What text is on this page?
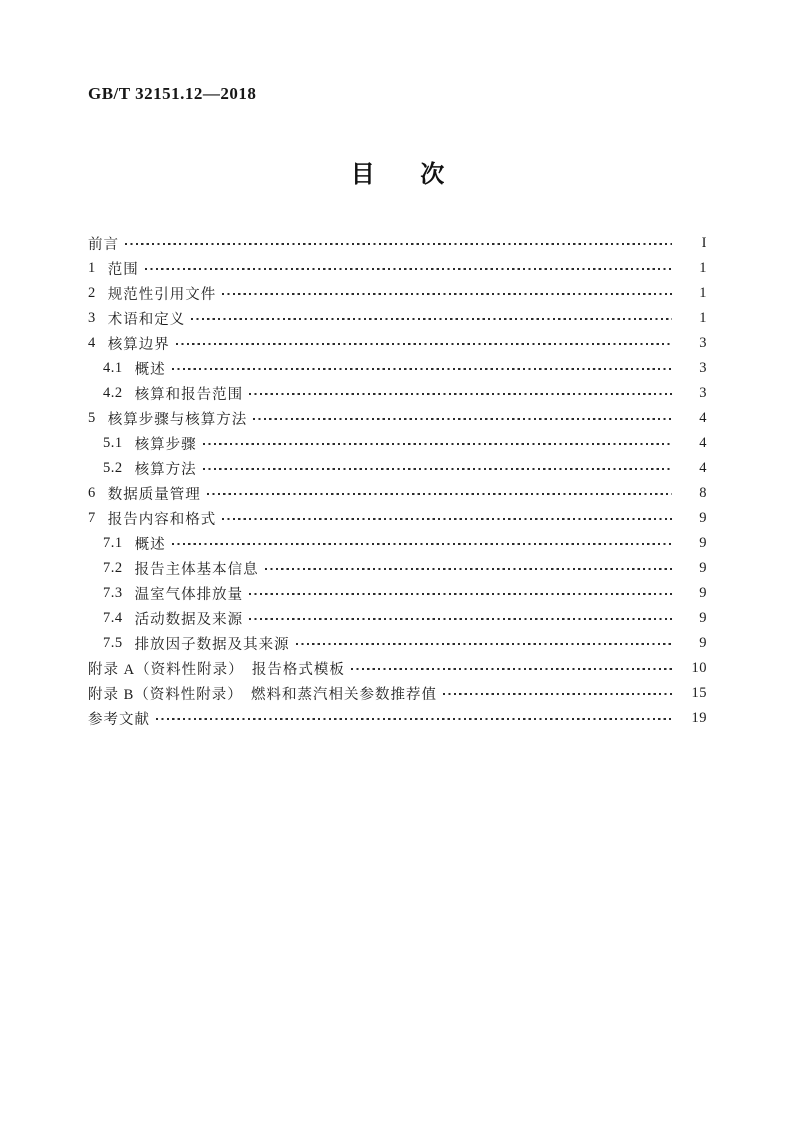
GB/T 32151.12—2018
目　次
前言	I
1 范围	1
2 规范性引用文件	1
3 术语和定义	1
4 核算边界	3
4.1 概述	3
4.2 核算和报告范围	3
5 核算步骤与核算方法	4
5.1 核算步骤	4
5.2 核算方法	4
6 数据质量管理	8
7 报告内容和格式	9
7.1 概述	9
7.2 报告主体基本信息	9
7.3 温室气体排放量	9
7.4 活动数据及来源	9
7.5 排放因子数据及其来源	9
附录 A（资料性附录）　报告格式模板	10
附录 B（资料性附录）　燃料和蒸汽相关参数推荐值	15
参考文献	19
